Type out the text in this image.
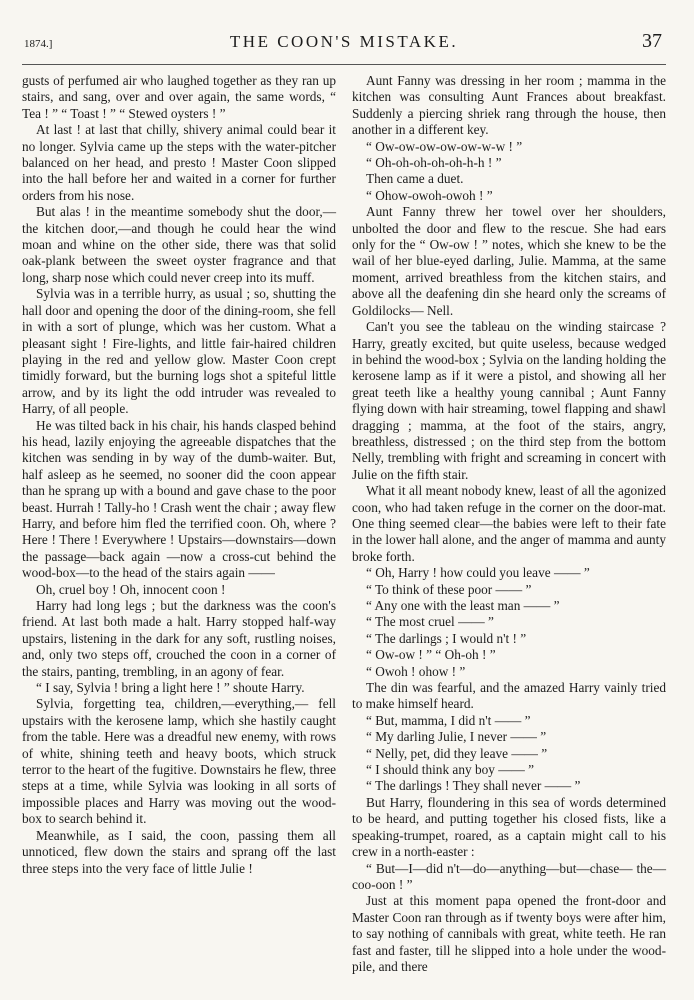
1874.]	THE COON'S MISTAKE.	37

gusts of perfumed air who laughed together as they ran up stairs, and sang, over and over again, the same words, “ Tea ! ” “ Toast ! ” “ Stewed oysters ! ”

At last ! at last that chilly, shivery animal could bear it no longer. Sylvia came up the steps with the water-pitcher balanced on her head, and presto ! Master Coon slipped into the hall before her and waited in a corner for further orders from his nose.

But alas ! in the meantime somebody shut the door,—the kitchen door,—and though he could hear the wind moan and whine on the other side, there was that solid oak-plank between the sweet oyster fragrance and that long, sharp nose which could never creep into its muff.

Sylvia was in a terrible hurry, as usual ; so, shutting the hall door and opening the door of the dining-room, she fell in with a sort of plunge, which was her custom. What a pleasant sight ! Fire-lights, and little fair-haired children playing in the red and yellow glow. Master Coon crept timidly forward, but the burning logs shot a spiteful little arrow, and by its light the odd intruder was revealed to Harry, of all people.

He was tilted back in his chair, his hands clasped behind his head, lazily enjoying the agreeable dispatches that the kitchen was sending in by way of the dumb-waiter. But, half asleep as he seemed, no sooner did the coon appear than he sprang up with a bound and gave chase to the poor beast. Hurrah ! Tally-ho ! Crash went the chair ; away flew Harry, and before him fled the terrified coon. Oh, where ? Here ! There ! Everywhere ! Upstairs—downstairs—down the passage—back again —now a cross-cut behind the wood-box—to the head of the stairs again ——

Oh, cruel boy ! Oh, innocent coon !

Harry had long legs ; but the darkness was the coon's friend. At last both made a halt. Harry stopped half-way upstairs, listening in the dark for any soft, rustling noises, and, only two steps off, crouched the coon in a corner of the stairs, panting, trembling, in an agony of fear.

“ I say, Sylvia ! bring a light here ! ” shoute Harry.

Sylvia, forgetting tea, children,—everything,— fell upstairs with the kerosene lamp, which she hastily caught from the table. Here was a dreadful new enemy, with rows of white, shining teeth and heavy boots, which struck terror to the heart of the fugitive. Downstairs he flew, three steps at a time, while Sylvia was looking in all sorts of impossible places and Harry was moving out the wood-box to search behind it.

Meanwhile, as I said, the coon, passing them all unnoticed, flew down the stairs and sprang off the last three steps into the very face of little Julie !

Aunt Fanny was dressing in her room ; mamma in the kitchen was consulting Aunt Frances about breakfast. Suddenly a piercing shriek rang through the house, then another in a different key.

“ Ow-ow-ow-ow-ow-w-w ! ”

“ Oh-oh-oh-oh-oh-h-h ! ”

Then came a duet.

“ Ohow-owoh-owoh ! ”

Aunt Fanny threw her towel over her shoulders, unbolted the door and flew to the rescue. She had ears only for the “ Ow-ow ! ” notes, which she knew to be the wail of her blue-eyed darling, Julie. Mamma, at the same moment, arrived breathless from the kitchen stairs, and above all the deafening din she heard only the screams of Goldilocks— Nell.

Can't you see the tableau on the winding staircase ? Harry, greatly excited, but quite useless, because wedged in behind the wood-box ; Sylvia on the landing holding the kerosene lamp as if it were a pistol, and showing all her great teeth like a healthy young cannibal ; Aunt Fanny flying down with hair streaming, towel flapping and shawl dragging ; mamma, at the foot of the stairs, angry, breathless, distressed ; on the third step from the bottom Nelly, trembling with fright and screaming in concert with Julie on the fifth stair.

What it all meant nobody knew, least of all the agonized coon, who had taken refuge in the corner on the door-mat. One thing seemed clear—the babies were left to their fate in the lower hall alone, and the anger of mamma and aunty broke forth.

“ Oh, Harry ! how could you leave —— ”

“ To think of these poor —— ”

“ Any one with the least man —— ”

“ The most cruel —— ”

“ The darlings ; I would n't ! ”

“ Ow-ow ! ” “ Oh-oh ! ”

“ Owoh ! ohow ! ”

The din was fearful, and the amazed Harry vainly tried to make himself heard.

“ But, mamma, I did n't —— ”

“ My darling Julie, I never —— ”

“ Nelly, pet, did they leave —— ”

“ I should think any boy —— ”

“ The darlings ! They shall never —— ”

But Harry, floundering in this sea of words determined to be heard, and putting together his closed fists, like a speaking-trumpet, roared, as a captain might call to his crew in a north-easter :

“ But—I—did n't—do—anything—but—chase— the—coo-oon ! ”

Just at this moment papa opened the front-door and Master Coon ran through as if twenty boys were after him, to say nothing of cannibals with great, white teeth. He ran fast and faster, till he slipped into a hole under the wood-pile, and there
